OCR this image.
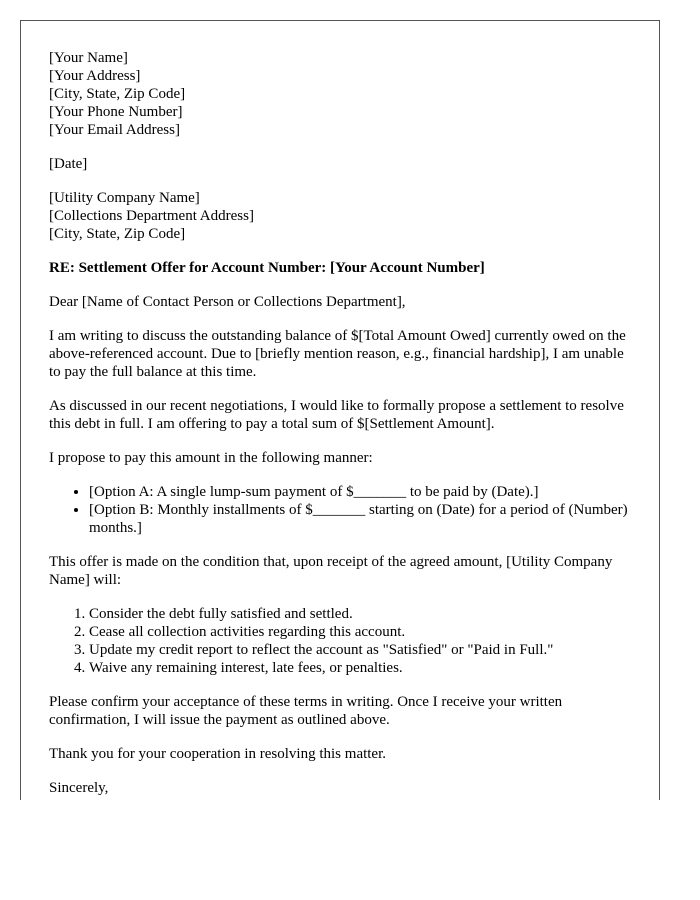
[Your Name]
[Your Address]
[City, State, Zip Code]
[Your Phone Number]
[Your Email Address]
[Date]
[Utility Company Name]
[Collections Department Address]
[City, State, Zip Code]
RE: Settlement Offer for Account Number: [Your Account Number]

Dear [Name of Contact Person or Collections Department],

I am writing to discuss the outstanding balance of $[Total Amount Owed] currently owed on the above-referenced account. Due to [briefly mention reason, e.g., financial hardship], I am unable to pay the full balance at this time.

As discussed in our recent negotiations, I would like to formally propose a settlement to resolve this debt in full. I am offering to pay a total sum of $[Settlement Amount].

I propose to pay this amount in the following manner:

• [Option A: A single lump-sum payment of $_______ to be paid by (Date).]
• [Option B: Monthly installments of $_______ starting on (Date) for a period of (Number) months.]

This offer is made on the condition that, upon receipt of the agreed amount, [Utility Company Name] will:

1. Consider the debt fully satisfied and settled.
2. Cease all collection activities regarding this account.
3. Update my credit report to reflect the account as "Satisfied" or "Paid in Full."
4. Waive any remaining interest, late fees, or penalties.

Please confirm your acceptance of these terms in writing. Once I receive your written confirmation, I will issue the payment as outlined above.

Thank you for your cooperation in resolving this matter.

Sincerely,
